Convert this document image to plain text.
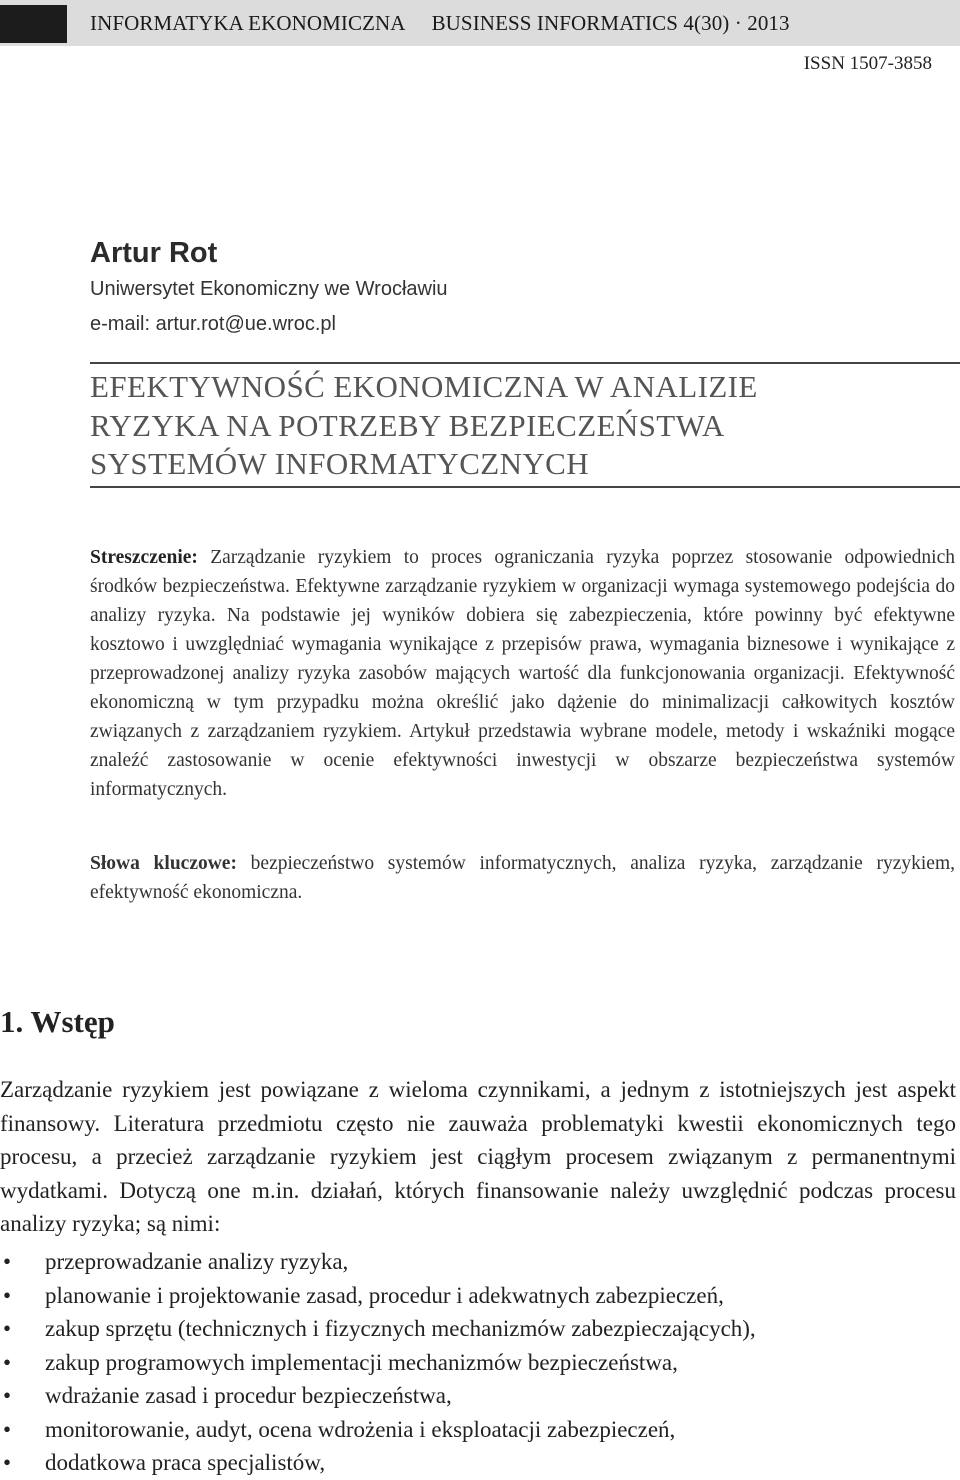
INFORMATYKA EKONOMICZNA BUSINESS INFORMATICS 4(30) · 2013
ISSN 1507-3858
Artur Rot
Uniwersytet Ekonomiczny we Wrocławiu
e-mail: artur.rot@ue.wroc.pl
EFEKTYWNOŚĆ EKONOMICZNA W ANALIZIE
RYZYKA NA POTRZEBY BEZPIECZEŃSTWA
SYSTEMÓW INFORMATYCZNYCH
Streszczenie: Zarządzanie ryzykiem to proces ograniczania ryzyka poprzez stosowanie odpowiednich środków bezpieczeństwa. Efektywne zarządzanie ryzykiem w organizacji wymaga systemowego podejścia do analizy ryzyka. Na podstawie jej wyników dobiera się zabezpieczenia, które powinny być efektywne kosztowo i uwzględniać wymagania wynikające z przepisów prawa, wymagania biznesowe i wynikające z przeprowadzonej analizy ryzyka zasobów mających wartość dla funkcjonowania organizacji. Efektywność ekonomiczną w tym przypadku można określić jako dążenie do minimalizacji całkowitych kosztów związanych z zarządzaniem ryzykiem. Artykuł przedstawia wybrane modele, metody i wskaźniki mogące znaleźć zastosowanie w ocenie efektywności inwestycji w obszarze bezpieczeństwa systemów informatycznych.
Słowa kluczowe: bezpieczeństwo systemów informatycznych, analiza ryzyka, zarządzanie ryzykiem, efektywność ekonomiczna.
1. Wstęp
Zarządzanie ryzykiem jest powiązane z wieloma czynnikami, a jednym z istotniejszych jest aspekt finansowy. Literatura przedmiotu często nie zauważa problematyki kwestii ekonomicznych tego procesu, a przecież zarządzanie ryzykiem jest ciągłym procesem związanym z permanentnymi wydatkami. Dotyczą one m.in. działań, których finansowanie należy uwzględnić podczas procesu analizy ryzyka; są nimi:
• przeprowadzanie analizy ryzyka,
• planowanie i projektowanie zasad, procedur i adekwatnych zabezpieczeń,
• zakup sprzętu (technicznych i fizycznych mechanizmów zabezpieczających),
• zakup programowych implementacji mechanizmów bezpieczeństwa,
• wdrażanie zasad i procedur bezpieczeństwa,
• monitorowanie, audyt, ocena wdrożenia i eksploatacji zabezpieczeń,
• dodatkowa praca specjalistów,
